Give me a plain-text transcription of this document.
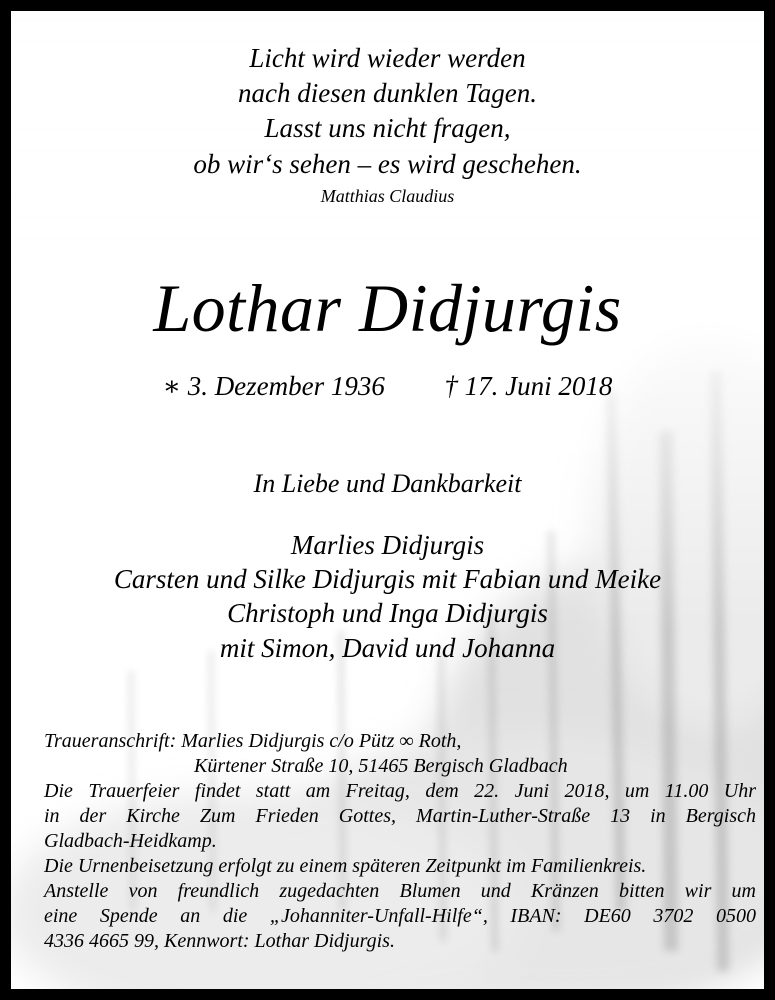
Licht wird wieder werden
nach diesen dunklen Tagen.
Lasst uns nicht fragen,
ob wir‘s sehen – es wird geschehen.
Matthias Claudius
Lothar Didjurgis
∗ 3. Dezember 1936 † 17. Juni 2018
In Liebe und Dankbarkeit
Marlies Didjurgis
Carsten und Silke Didjurgis mit Fabian und Meike
Christoph und Inga Didjurgis
mit Simon, David und Johanna
Traueranschrift: Marlies Didjurgis c/o Pütz ∞ Roth,
Kürtener Straße 10, 51465 Bergisch Gladbach
Die Trauerfeier findet statt am Freitag, dem 22. Juni 2018, um 11.00 Uhr
in der Kirche Zum Frieden Gottes, Martin-Luther-Straße 13 in Bergisch
Gladbach-Heidkamp.
Die Urnenbeisetzung erfolgt zu einem späteren Zeitpunkt im Familienkreis.
Anstelle von freundlich zugedachten Blumen und Kränzen bitten wir um
eine Spende an die „Johanniter-Unfall-Hilfe“, IBAN: DE60 3702 0500
4336 4665 99, Kennwort: Lothar Didjurgis.
